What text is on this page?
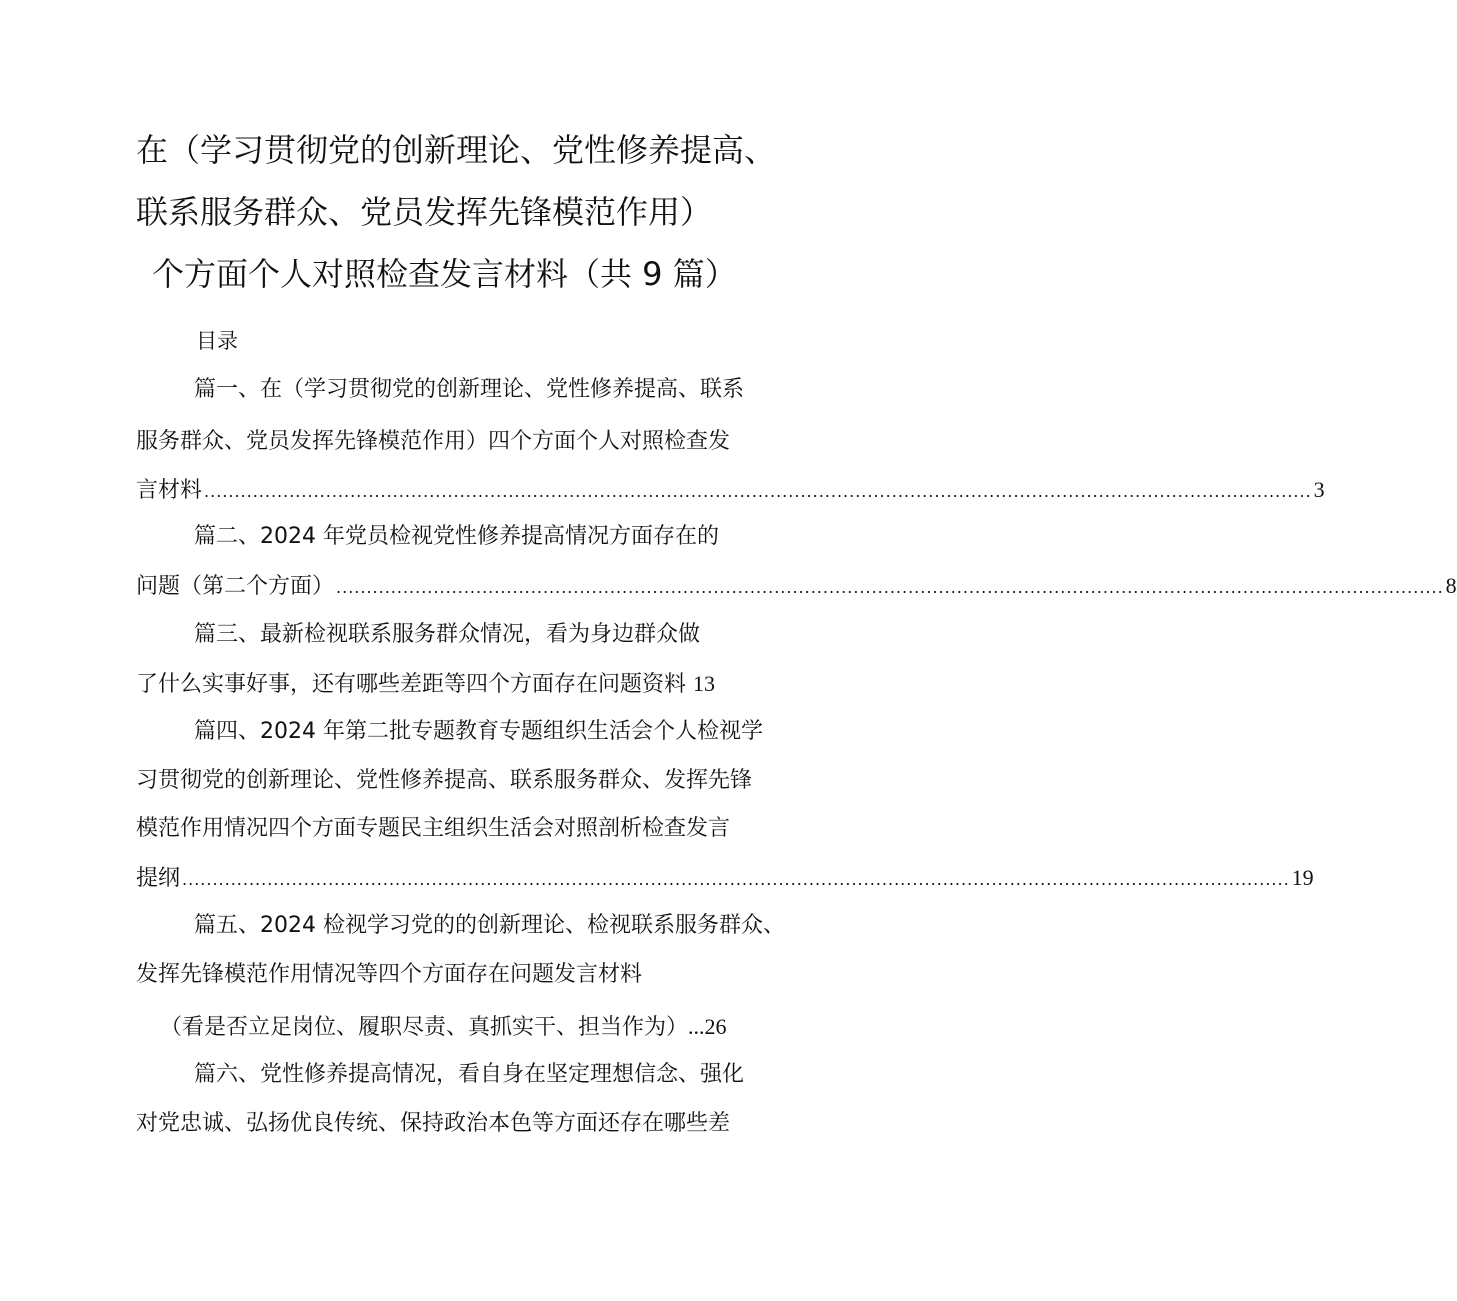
在（学习贯彻党的创新理论、党性修养提高、
联系服务群众、党员发挥先锋模范作用）
个方面个人对照检查发言材料（共 9 篇）
目录
篇一、在（学习贯彻党的创新理论、党性修养提高、联系
服务群众、党员发挥先锋模范作用）四个方面个人对照检查发
言材料 ...................................................................................................................................................................................... 3
篇二、2024 年党员检视党性修养提高情况方面存在的
问题（第二个方面） ...................................................................................................................................................................................... 8
篇三、最新检视联系服务群众情况，看为身边群众做
了什么实事好事，还有哪些差距等四个方面存在问题资料 13
篇四、2024 年第二批专题教育专题组织生活会个人检视学
习贯彻党的创新理论、党性修养提高、联系服务群众、发挥先锋
模范作用情况四个方面专题民主组织生活会对照剖析检查发言
提纲 ...................................................................................................................................................................................... 19
篇五、2024 检视学习党的的创新理论、检视联系服务群众、
发挥先锋模范作用情况等四个方面存在问题发言材料
（看是否立足岗位、履职尽责、真抓实干、担当作为）...26
篇六、党性修养提高情况，看自身在坚定理想信念、强化
对党忠诚、弘扬优良传统、保持政治本色等方面还存在哪些差
